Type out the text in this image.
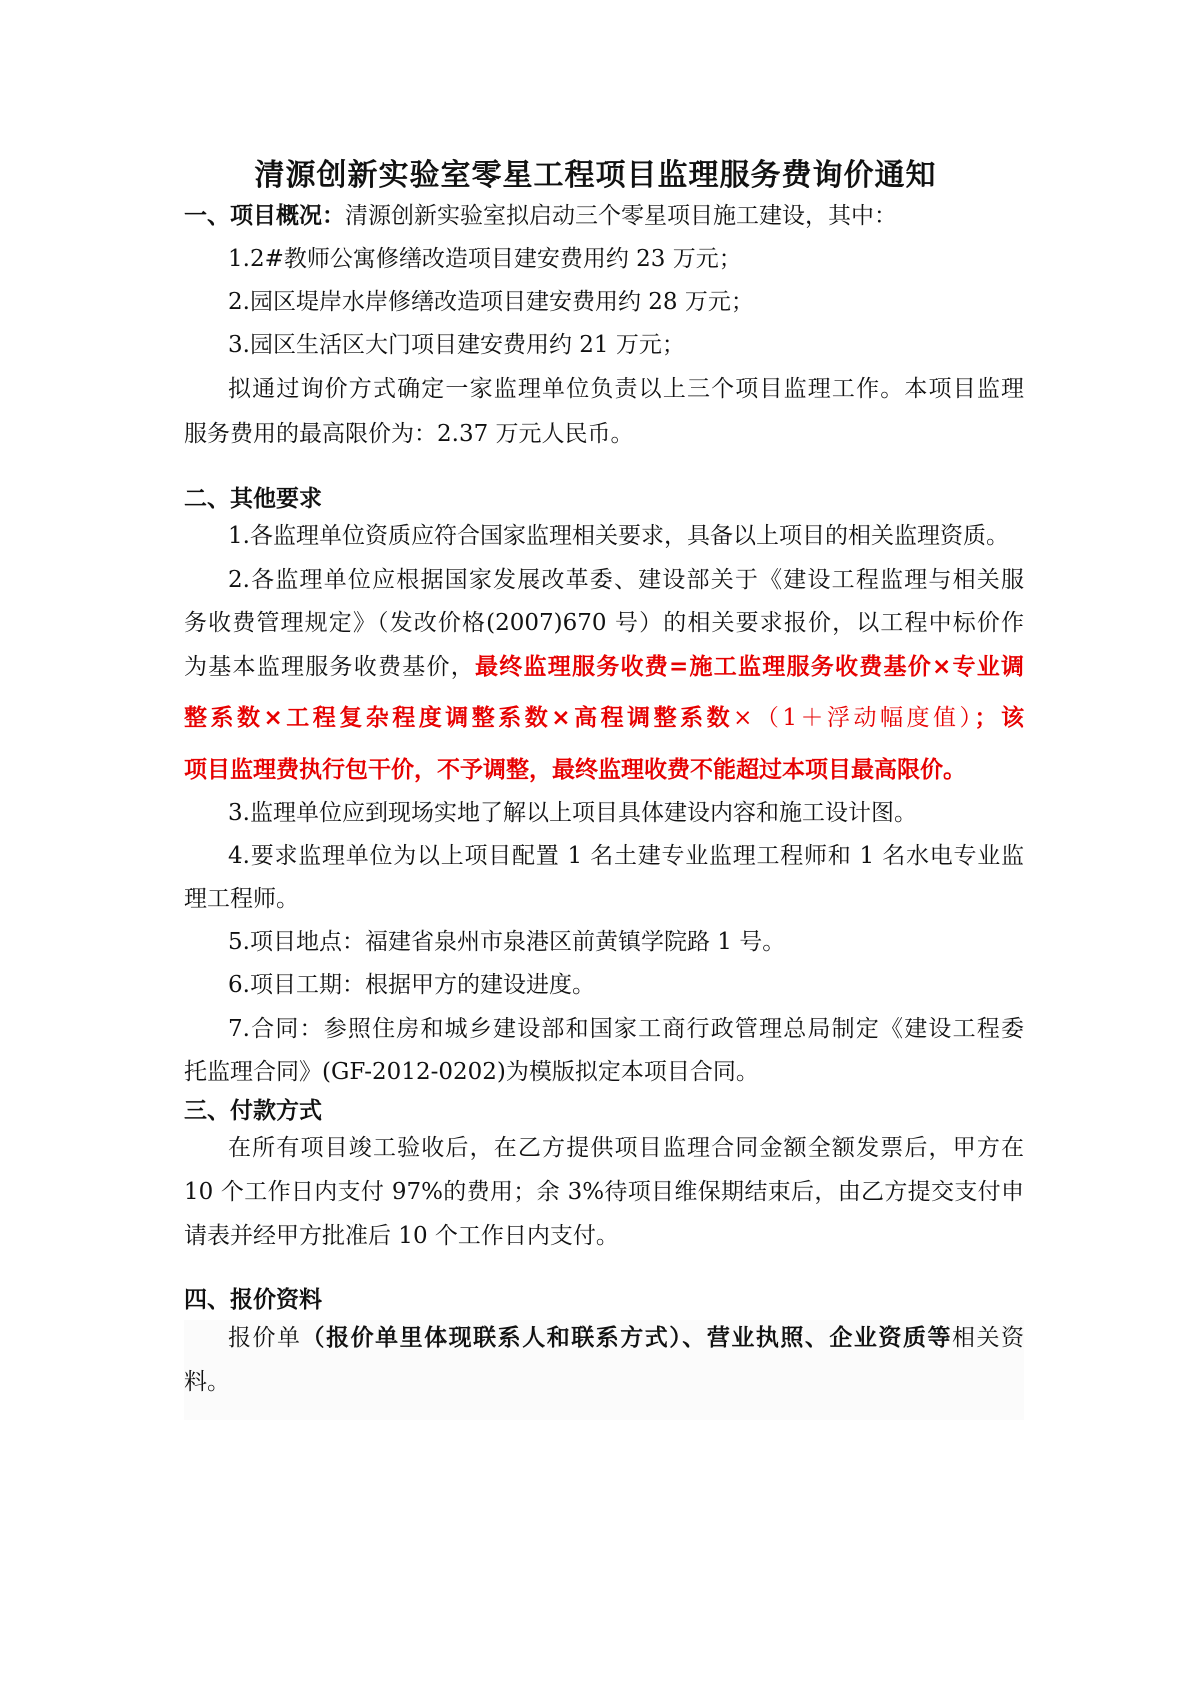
清源创新实验室零星工程项目监理服务费询价通知
一、项目概况：清源创新实验室拟启动三个零星项目施工建设，其中：
1.2#教师公寓修缮改造项目建安费用约 23 万元；
2.园区堤岸水岸修缮改造项目建安费用约 28 万元；
3.园区生活区大门项目建安费用约 21 万元；
拟通过询价方式确定一家监理单位负责以上三个项目监理工作。本项目监理
服务费用的最高限价为：2.37 万元人民币。
二、其他要求
1.各监理单位资质应符合国家监理相关要求，具备以上项目的相关监理资质。
2.各监理单位应根据国家发展改革委、建设部关于《建设工程监理与相关服
务收费管理规定》（发改价格(2007)670 号）的相关要求报价，以工程中标价作
为基本监理服务收费基价，最终监理服务收费=施工监理服务收费基价×专业调
整系数×工程复杂程度调整系数×高程调整系数×（1＋浮动幅度值）；该
项目监理费执行包干价，不予调整，最终监理收费不能超过本项目最高限价。
3.监理单位应到现场实地了解以上项目具体建设内容和施工设计图。
4.要求监理单位为以上项目配置 1 名土建专业监理工程师和 1 名水电专业监
理工程师。
5.项目地点：福建省泉州市泉港区前黄镇学院路 1 号。
6.项目工期：根据甲方的建设进度。
7.合同：参照住房和城乡建设部和国家工商行政管理总局制定《建设工程委
托监理合同》(GF-2012-0202)为模版拟定本项目合同。
三、付款方式
在所有项目竣工验收后，在乙方提供项目监理合同金额全额发票后，甲方在
10 个工作日内支付 97%的费用；余 3%待项目维保期结束后，由乙方提交支付申
请表并经甲方批准后 10 个工作日内支付。
四、报价资料
报价单（报价单里体现联系人和联系方式）、营业执照、企业资质等相关资
料。
